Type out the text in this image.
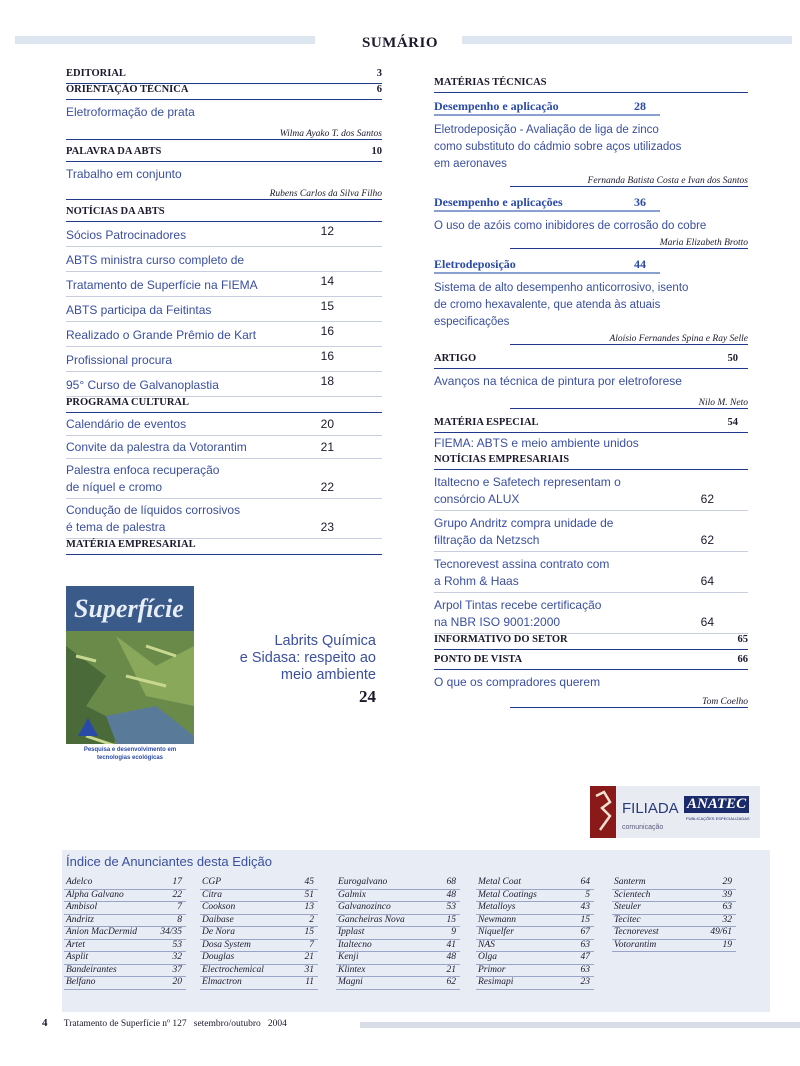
SUMÁRIO
EDITORIAL	3
ORIENTAÇÃO TÉCNICA	6
Eletroformação de prata
Wilma Ayako T. dos Santos
PALAVRA DA ABTS	10
Trabalho em conjunto
Rubens Carlos da Silva Filho
NOTÍCIAS DA ABTS
Sócios Patrocinadores	12
ABTS ministra curso completo de
Tratamento de Superfície na FIEMA	14
ABTS participa da Feitintas	15
Realizado o Grande Prêmio de Kart	16
Profissional procura	16
95° Curso de Galvanoplastia	18
PROGRAMA CULTURAL
Calendário de eventos	20
Convite da palestra da Votorantim	21
Palestra enfoca recuperação
de níquel e cromo	22
Condução de líquidos corrosivos
é tema de palestra	23
MATÉRIA EMPRESARIAL
Superfície
Pesquisa e desenvolvimento em
tecnologias ecológicas
Labrits Química
e Sidasa: respeito ao
meio ambiente
24
MATÉRIAS TÉCNICAS
Desempenho e aplicação	28
Eletrodeposição - Avaliação de liga de zinco
como substituto do cádmio sobre aços utilizados
em aeronaves
Fernanda Batista Costa e Ivan dos Santos
Desempenho e aplicações	36
O uso de azóis como inibidores de corrosão do cobre
Maria Elizabeth Brotto
Eletrodeposição	44
Sistema de alto desempenho anticorrosivo, isento
de cromo hexavalente, que atenda às atuais
especificações
Aloísio Fernandes Spina e Ray Selle
ARTIGO	50
Avanços na técnica de pintura por eletroforese
Nilo M. Neto
MATÉRIA ESPECIAL	54
FIEMA: ABTS e meio ambiente unidos
NOTÍCIAS EMPRESARIAIS
Italtecno e Safetech representam o
consórcio ALUX	62
Grupo Andritz compra unidade de
filtração da Netzsch	62
Tecnorevest assina contrato com
a Rohm & Haas	64
Arpol Tintas recebe certificação
na NBR ISO 9001:2000	64
INFORMATIVO DO SETOR	65
PONTO DE VISTA	66
O que os compradores querem
Tom Coelho
FILIADA ANATEC
PUBLICAÇÕES ESPECIALIZADAS
comunicação
Índice de Anunciantes desta Edição
Adelco	17
Alpha Galvano	22
Ambisol	7
Andritz	8
Anion MacDermid 34/35
Artet	53
Asplit	32
Bandeirantes	37
Belfano	20
CGP	45
Citra	51
Cookson	13
Daibase	2
De Nora	15
Dosa System	7
Douglas	21
Electrochemical	31
Elmactron	11
Eurogalvano	68
Galmix	48
Galvanozinco	53
Gancheiras Nova	15
Ipplast	9
Italtecno	41
Kenji	48
Klintex	21
Magni	62
Metal Coat	64
Metal Coatings	5
Metalloys	43
Newmann	15
Niquelfer	67
NAS	63
Olga	47
Primor	63
Resimapi	23
Santerm	29
Scientech	39
Steuler	63
Tecitec	32
Tecnorevest	49/61
Votorantim	19
4 Tratamento de Superfície nº 127   setembro/outubro   2004
